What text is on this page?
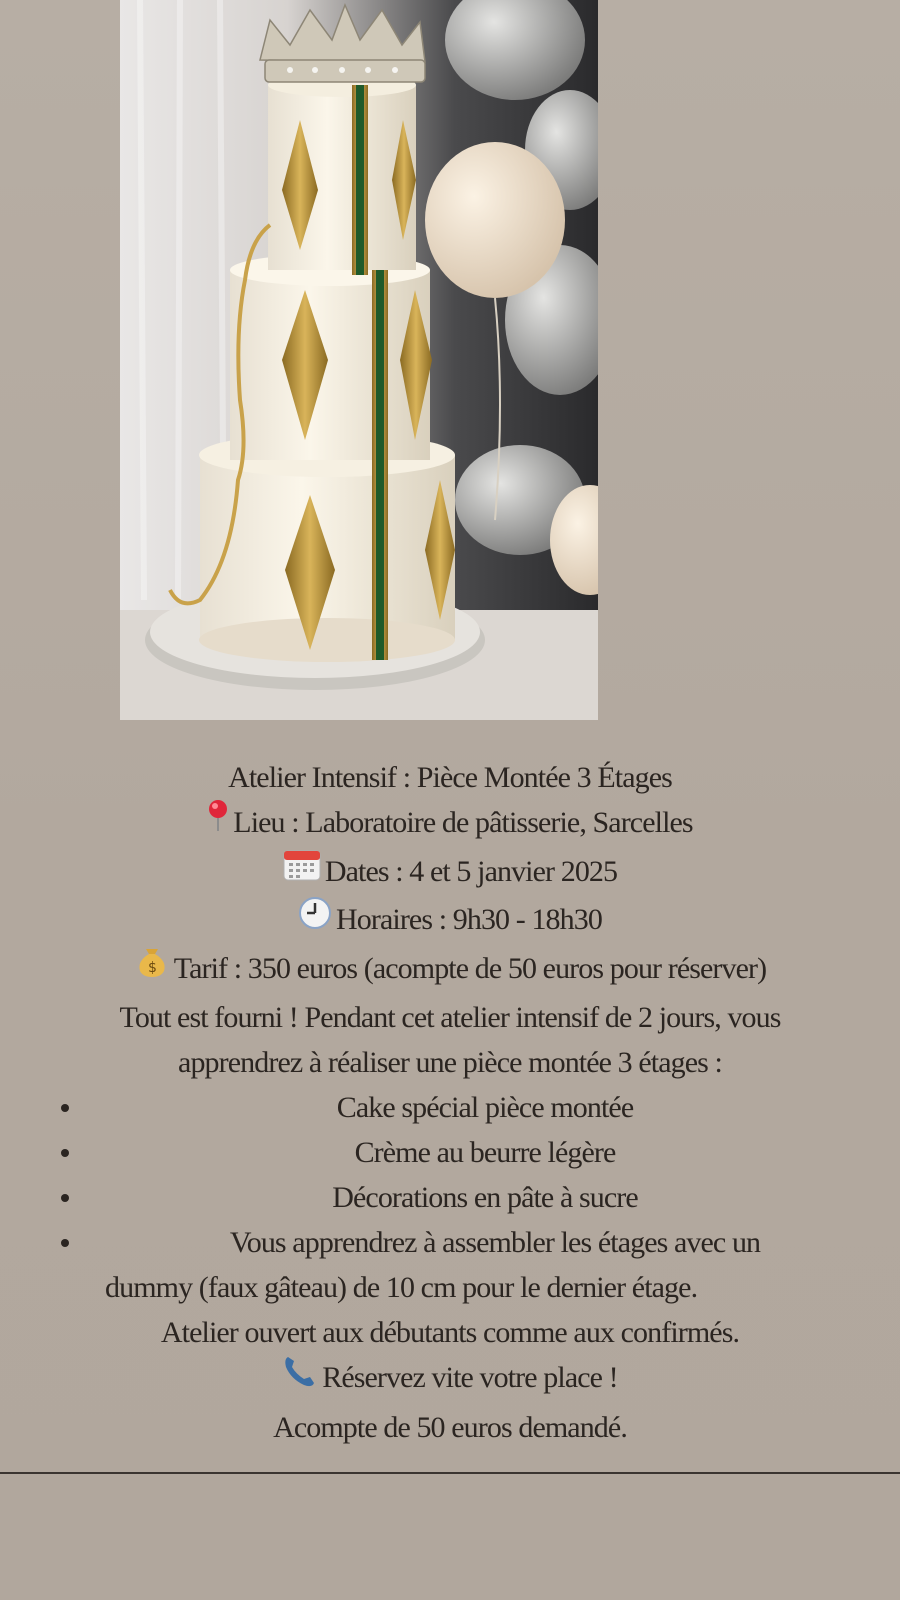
Atelier Intensif : Pièce Montée 3 Étages
Lieu : Laboratoire de pâtisserie, Sarcelles
Dates : 4 et 5 janvier 2025
Horaires : 9h30 - 18h30
$ Tarif : 350 euros (acompte de 50 euros pour réserver)
Tout est fourni ! Pendant cet atelier intensif de 2 jours, vous
apprendrez à réaliser une pièce montée 3 étages :
Cake spécial pièce montée
Crème au beurre légère
Décorations en pâte à sucre
Vous apprendrez à assembler les étages avec un
dummy (faux gâteau) de 10 cm pour le dernier étage.
Atelier ouvert aux débutants comme aux confirmés.
Réservez vite votre place !
Acompte de 50 euros demandé.
